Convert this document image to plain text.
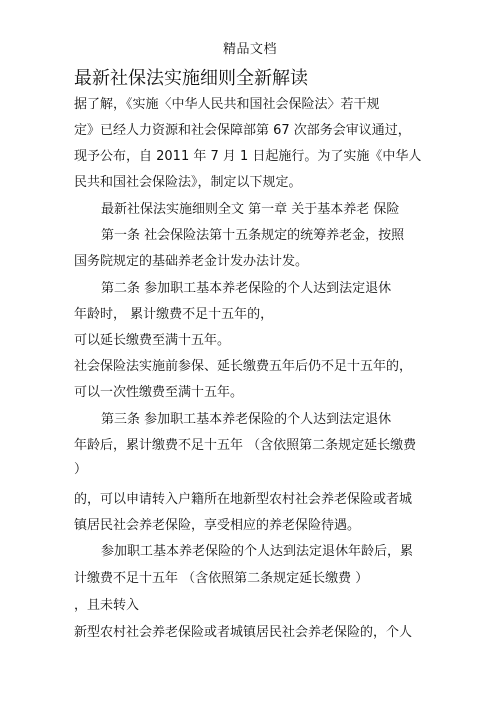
精品文档
最新社保法实施细则全新解读
据了解，《实施〈中华人民共和国社会保险法〉若干规
定》已经人力资源和社会保障部第 67 次部务会审议通过，
现予公布，自 2011 年 7 月 1 日起施行。为了实施《中华人
民共和国社会保险法》，制定以下规定。
最新社保法实施细则全文 第一章 关于基本养老 保险
第一条 社会保险法第十五条规定的统筹养老金，按照
国务院规定的基础养老金计发办法计发。
第二条 参加职工基本养老保险的个人达到法定退休
年龄时， 累计缴费不足十五年的，
可以延长缴费至满十五年。
社会保险法实施前参保、延长缴费五年后仍不足十五年的，
可以一次性缴费至满十五年。
第三条 参加职工基本养老保险的个人达到法定退休
年龄后，累计缴费不足十五年 （含依照第二条规定延长缴费
）
的，可以申请转入户籍所在地新型农村社会养老保险或者城
镇居民社会养老保险，享受相应的养老保险待遇。
参加职工基本养老保险的个人达到法定退休年龄后，累
计缴费不足十五年 （含依照第二条规定延长缴费 ）
，且未转入
新型农村社会养老保险或者城镇居民社会养老保险的，个人
